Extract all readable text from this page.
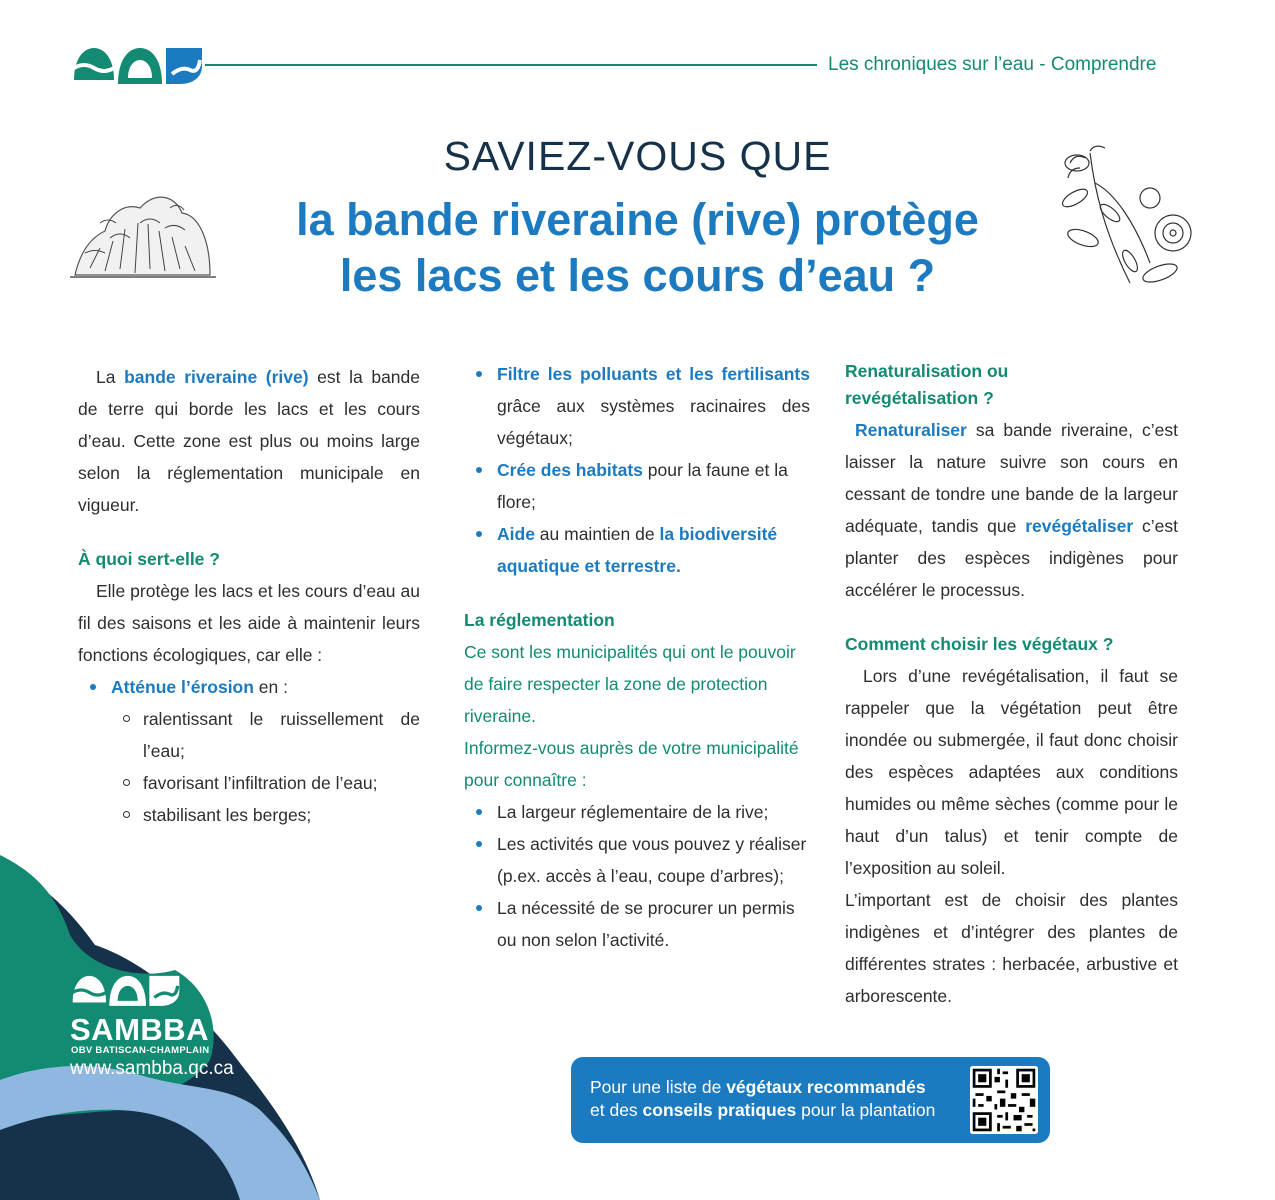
Les chroniques sur l’eau - Comprendre
SAVIEZ-VOUS QUE
la bande riveraine (rive) protège
les lacs et les cours d’eau ?

La bande riveraine (rive) est la bande de terre qui borde les lacs et les cours d’eau. Cette zone est plus ou moins large selon la réglementation municipale en vigueur.

À quoi sert-elle ?

Elle protège les lacs et les cours d’eau au fil des saisons et les aide à maintenir leurs fonctions écologiques, car elle :

Atténue l’érosion en :
ralentissant le ruissellement de l’eau;
favorisant l’infiltration de l’eau;
stabilisant les berges;
Filtre les polluants et les fertilisants grâce aux systèmes racinaires des végétaux;
Crée des habitats pour la faune et la flore;
Aide au maintien de la biodiversité aquatique et terrestre.

La réglementation

Ce sont les municipalités qui ont le pouvoir de faire respecter la zone de protection riveraine.

Informez-vous auprès de votre municipalité pour connaître :

La largeur réglementaire de la rive;
Les activités que vous pouvez y réaliser (p.ex. accès à l’eau, coupe d’arbres);
La nécessité de se procurer un permis ou non selon l’activité.

Renaturalisation ou revégétalisation ?

Renaturaliser sa bande riveraine, c’est laisser la nature suivre son cours en cessant de tondre une bande de la largeur adéquate, tandis que revégétaliser c’est planter des espèces indigènes pour accélérer le processus.

Comment choisir les végétaux ?

Lors d’une revégétalisation, il faut se rappeler que la végétation peut être inondée ou submergée, il faut donc choisir des espèces adaptées aux conditions humides ou même sèches (comme pour le haut d’un talus) et tenir compte de l’exposition au soleil.

L’important est de choisir des plantes indigènes et d’intégrer des plantes de différentes strates : herbacée, arbustive et arborescente.

SAMBBA
OBV BATISCAN-CHAMPLAIN
www.sambba.qc.ca
Pour une liste de végétaux recommandés
et des conseils pratiques pour la plantation
